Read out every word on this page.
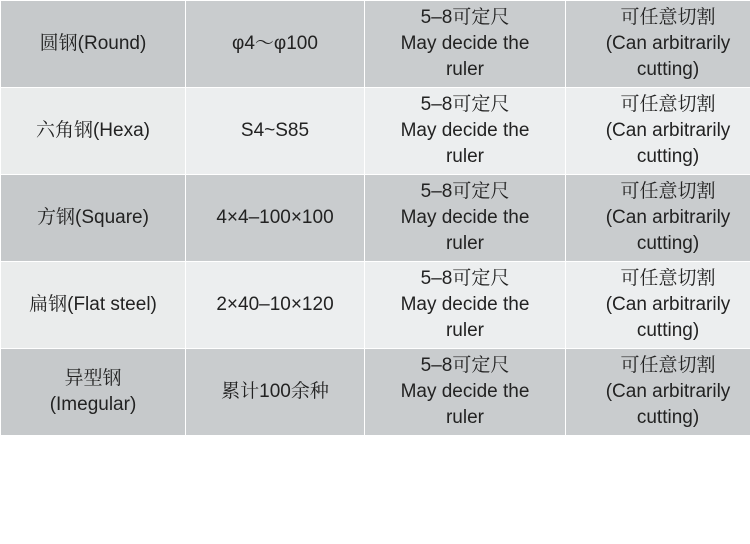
圆钢(Round)	φ4～φ100	5–8可定尺
May decide the
ruler	可任意切割
(Can arbitrarily
cutting)

六角钢(Hexa)	S4~S85	5–8可定尺
May decide the
ruler	可任意切割
(Can arbitrarily
cutting)

方钢(Square)	4×4–100×100	5–8可定尺
May decide the
ruler	可任意切割
(Can arbitrarily
cutting)

扁钢(Flat steel)	2×40–10×120	5–8可定尺
May decide the
ruler	可任意切割
(Can arbitrarily
cutting)

异型钢
(Imegular)	累计100余种	5–8可定尺
May decide the
ruler	可任意切割
(Can arbitrarily
cutting)
